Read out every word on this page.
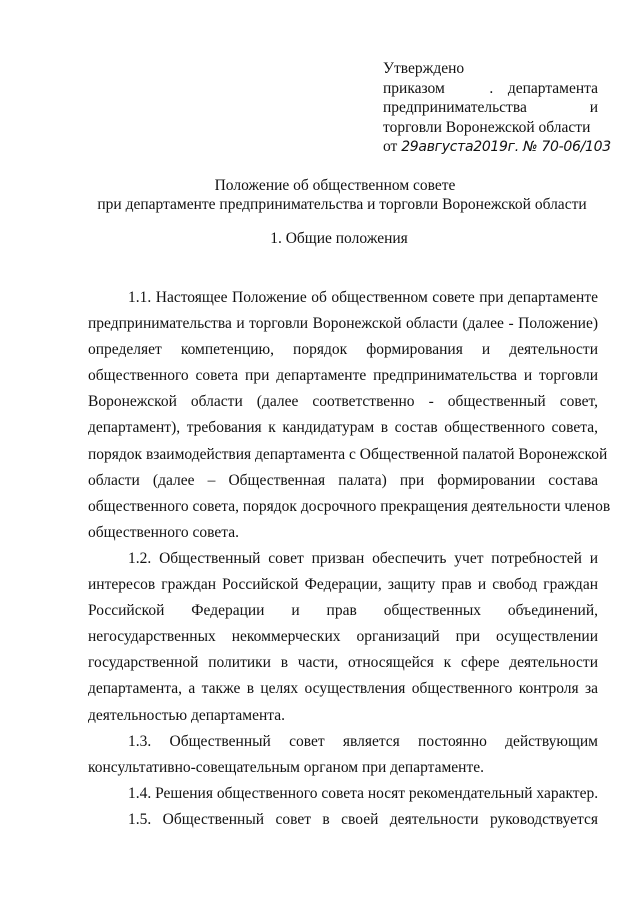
Утверждено
приказом	. департамента
предпринимательства	и
торговли Воронежской области
от 29августа2019г. № 70-06/103
Положение об общественном совете
при департаменте предпринимательства и торговли Воронежской области
1. Общие положения

1.1. Настоящее Положение об общественном совете при департаменте
предпринимательства и торговли Воронежской области (далее - Положение)
определяет компетенцию, порядок формирования и деятельности
общественного совета при департаменте предпринимательства и торговли
Воронежской области (далее соответственно - общественный совет,
департамент), требования к кандидатурам в состав общественного совета,
порядок взаимодействия департамента с Общественной палатой Воронежской
области (далее – Общественная палата) при формировании состава
общественного совета, порядок досрочного прекращения деятельности членов
общественного совета.

1.2. Общественный совет призван обеспечить учет потребностей и
интересов граждан Российской Федерации, защиту прав и свобод граждан
Российской Федерации и прав общественных объединений,
негосударственных некоммерческих организаций при осуществлении
государственной политики в части, относящейся к сфере деятельности
департамента, а также в целях осуществления общественного контроля за
деятельностью департамента.

1.3. Общественный совет является постоянно действующим
консультативно-совещательным органом при департаменте.

1.4. Решения общественного совета носят рекомендательный характер.

1.5. Общественный совет в своей деятельности руководствуется
